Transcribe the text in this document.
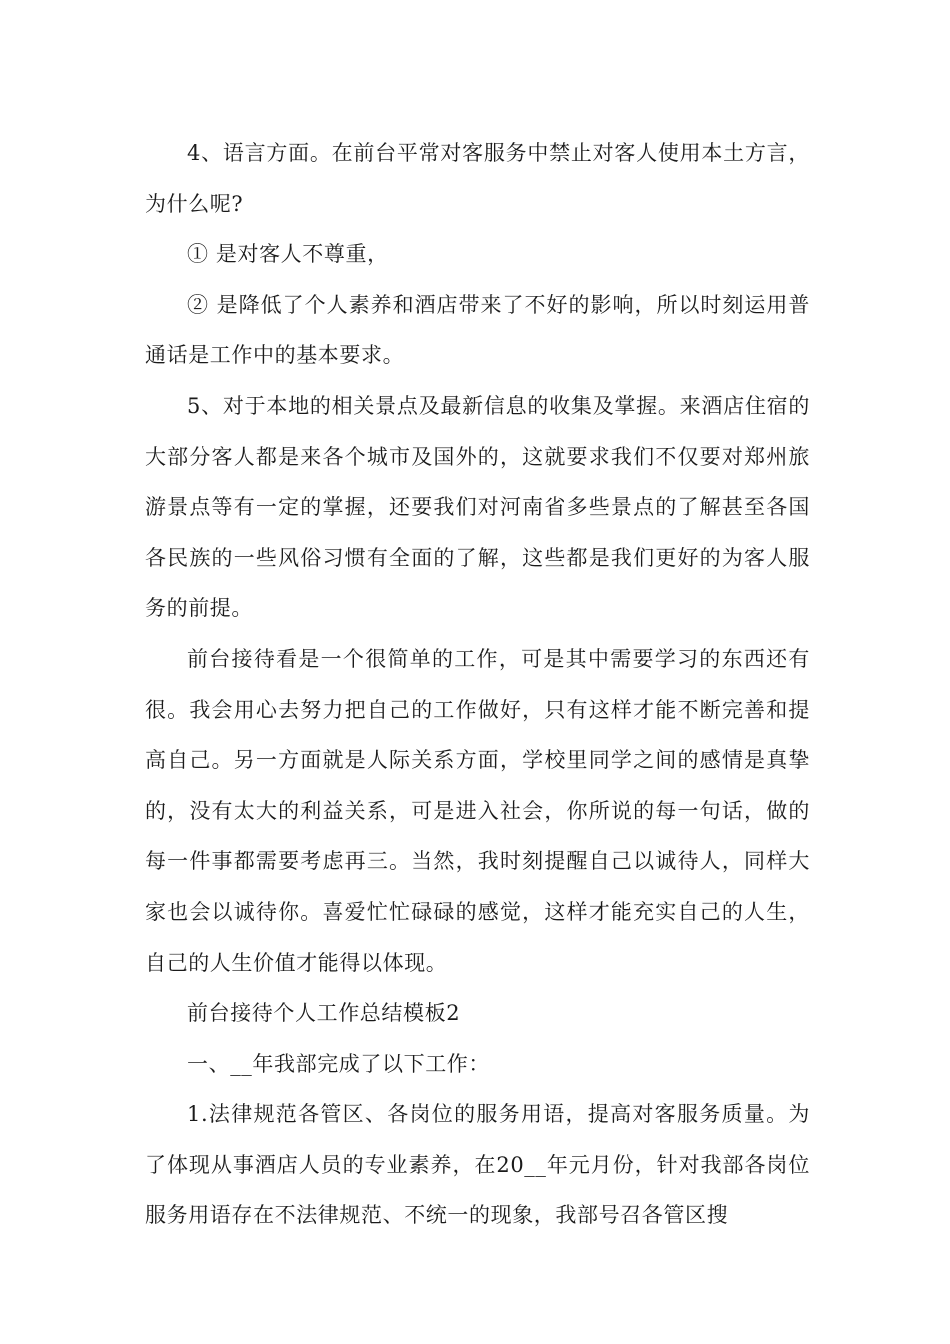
4、语言方面。在前台平常对客服务中禁止对客人使用本土方言，为什么呢?

① 是对客人不尊重，

② 是降低了个人素养和酒店带来了不好的影响，所以时刻运用普通话是工作中的基本要求。

5、对于本地的相关景点及最新信息的收集及掌握。来酒店住宿的大部分客人都是来各个城市及国外的，这就要求我们不仅要对郑州旅游景点等有一定的掌握，还要我们对河南省多些景点的了解甚至各国各民族的一些风俗习惯有全面的了解，这些都是我们更好的为客人服务的前提。

前台接待看是一个很简单的工作，可是其中需要学习的东西还有很。我会用心去努力把自己的工作做好，只有这样才能不断完善和提高自己。另一方面就是人际关系方面，学校里同学之间的感情是真挚的，没有太大的利益关系，可是进入社会，你所说的每一句话，做的每一件事都需要考虑再三。当然，我时刻提醒自己以诚待人，同样大家也会以诚待你。喜爱忙忙碌碌的感觉，这样才能充实自己的人生，自己的人生价值才能得以体现。

前台接待个人工作总结模板2

一、__年我部完成了以下工作：

1.法律规范各管区、各岗位的服务用语，提高对客服务质量。为了体现从事酒店人员的专业素养，在20__年元月份，针对我部各岗位服务用语存在不法律规范、不统一的现象，我部号召各管区搜
